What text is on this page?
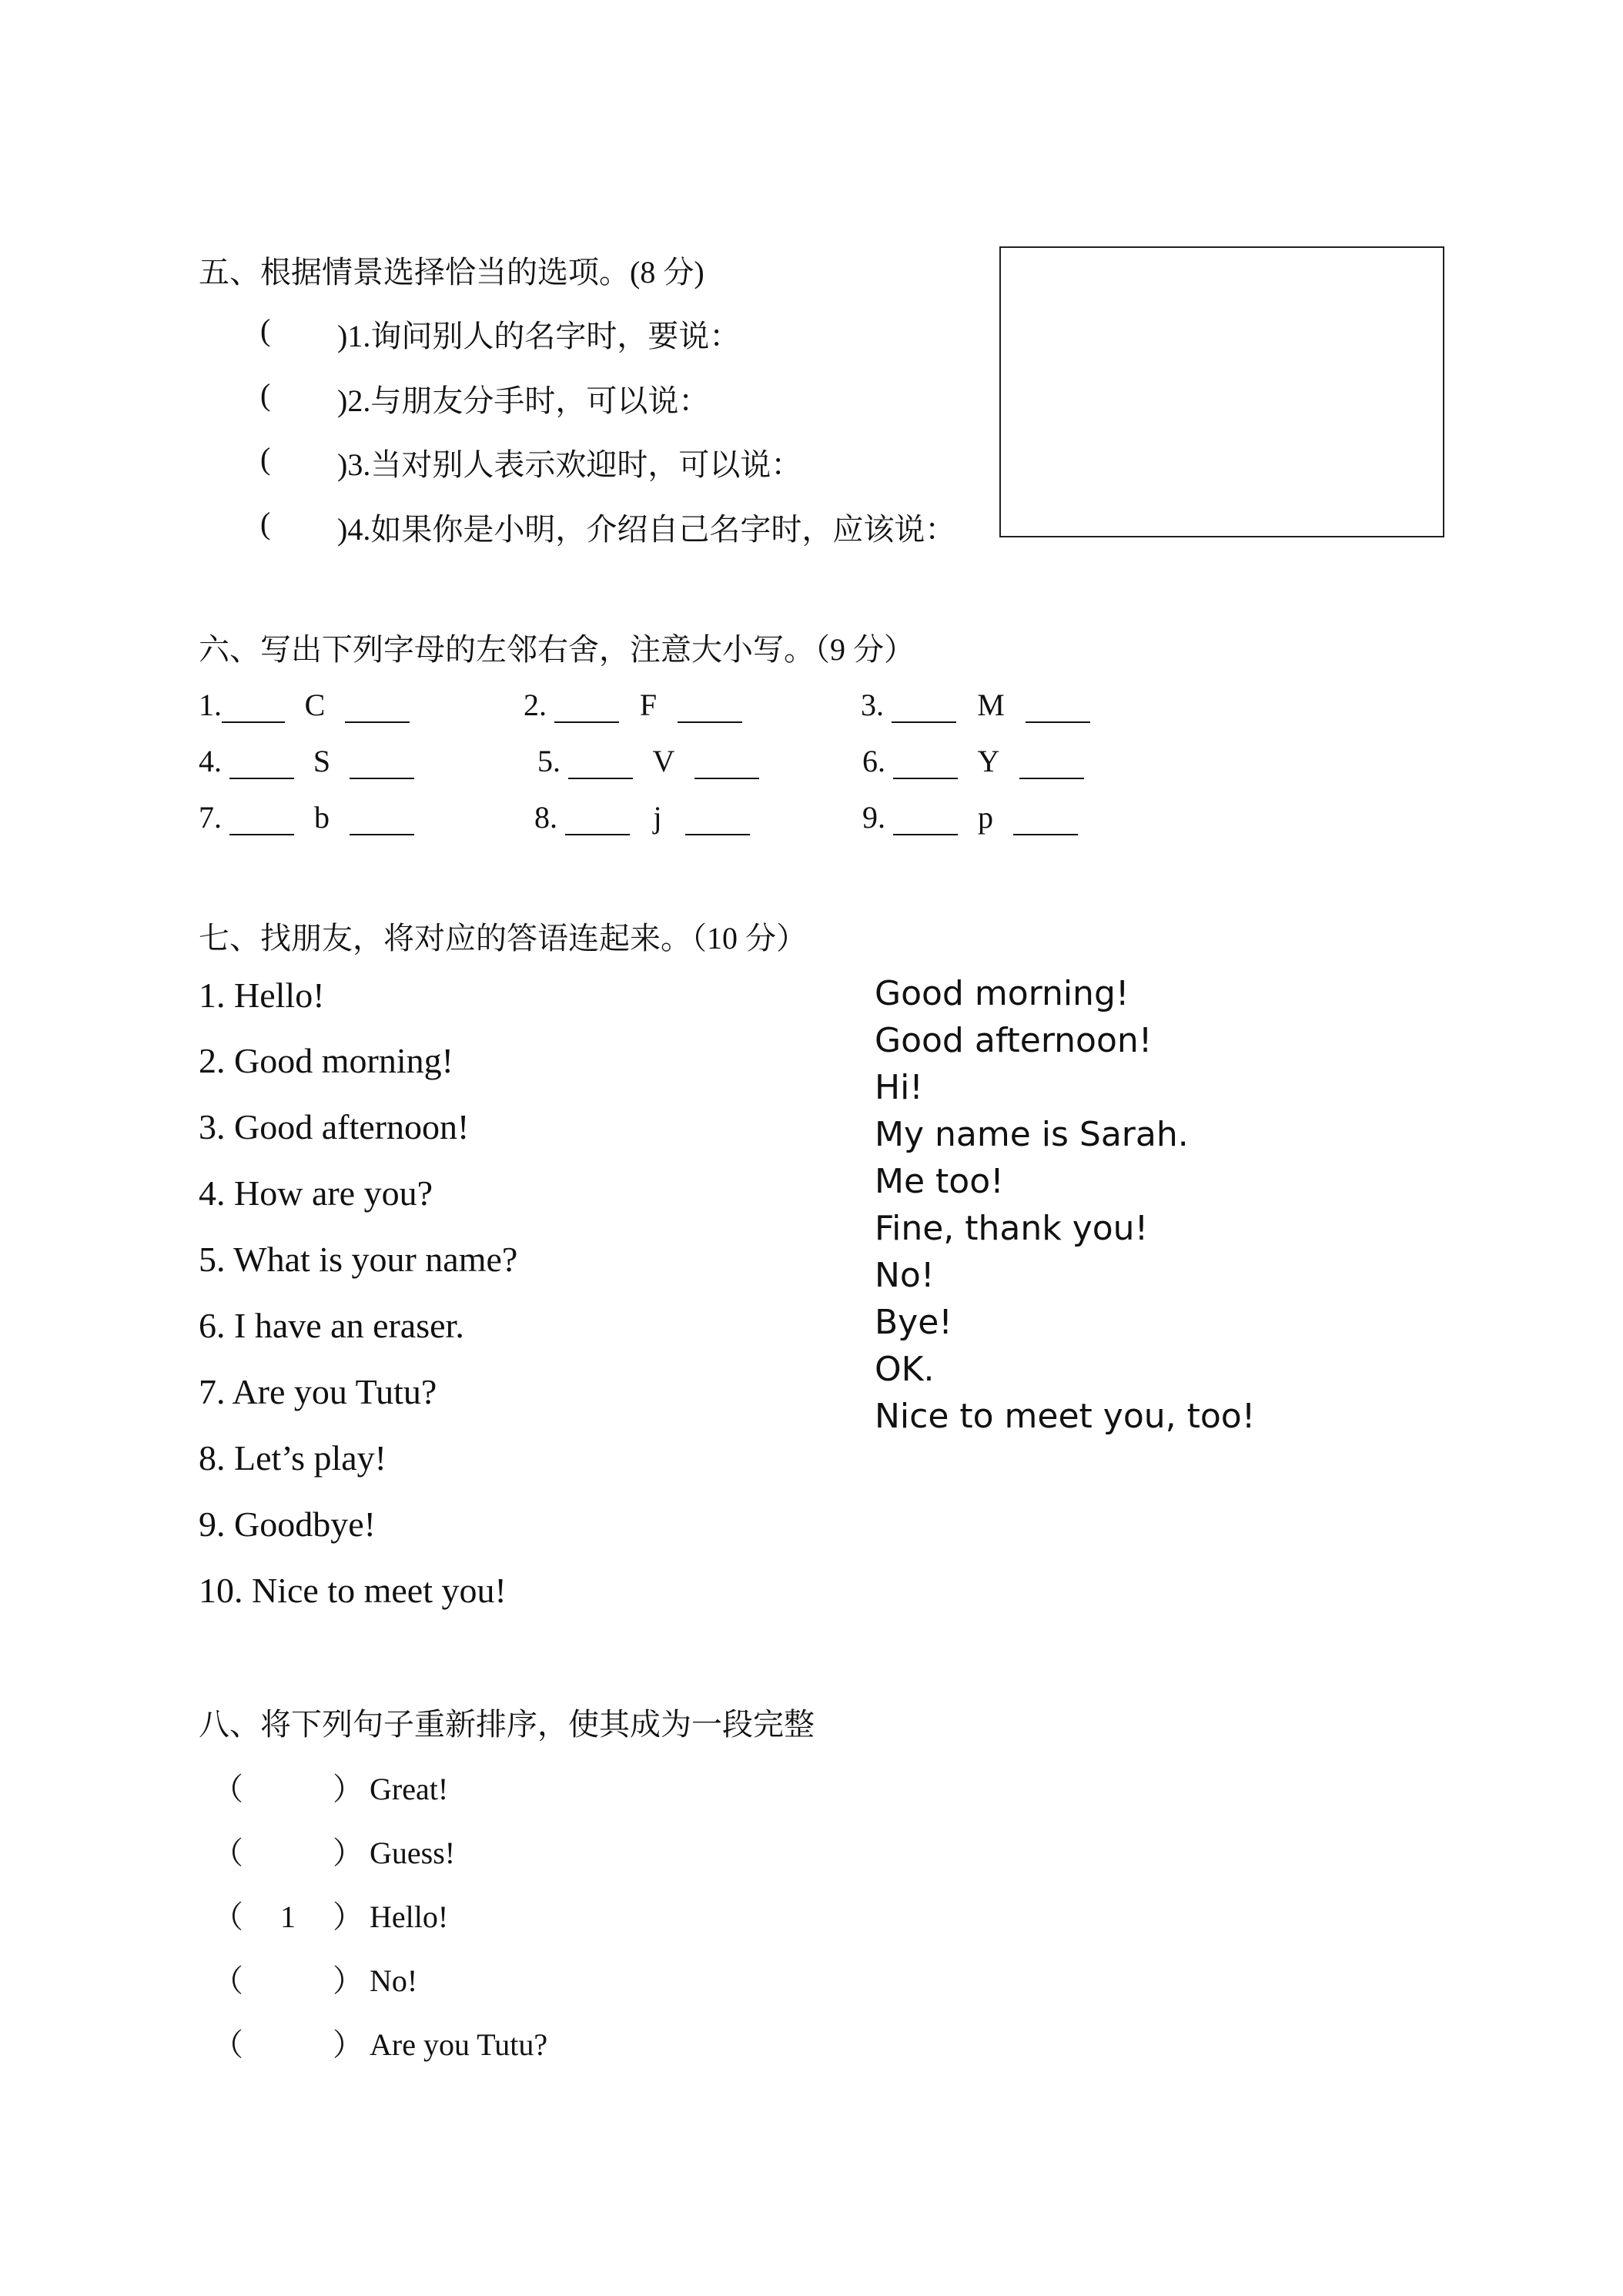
五、根据情景选择恰当的选项。(8 分)
( )1.询问别人的名字时，要说：
( )2.与朋友分手时，可以说：
( )3.当对别人表示欢迎时，可以说：
( )4.如果你是小明，介绍自己名字时，应该说：
六、写出下列字母的左邻右舍，注意大小写。（9 分）
1.	C	2.	F	3.	M
4.	S	5.	V	6.	Y
7.	b	8.	j	9.	p
七、找朋友，将对应的答语连起来。（10 分）
1. Hello!
2. Good morning!
3. Good afternoon!
4. How are you?
5. What is your name?
6. I have an eraser.
7. Are you Tutu?
8. Let’s play!
9. Goodbye!
10. Nice to meet you!
Good morning!
Good afternoon!
Hi!
My name is Sarah.
Me too!
Fine, thank you!
No!
Bye!
OK.
Nice to meet you, too!
八、将下列句子重新排序，使其成为一段完整
（	） Great!
（	） Guess!
（ 1 ） Hello!
（	） No!
（	） Are you Tutu?
